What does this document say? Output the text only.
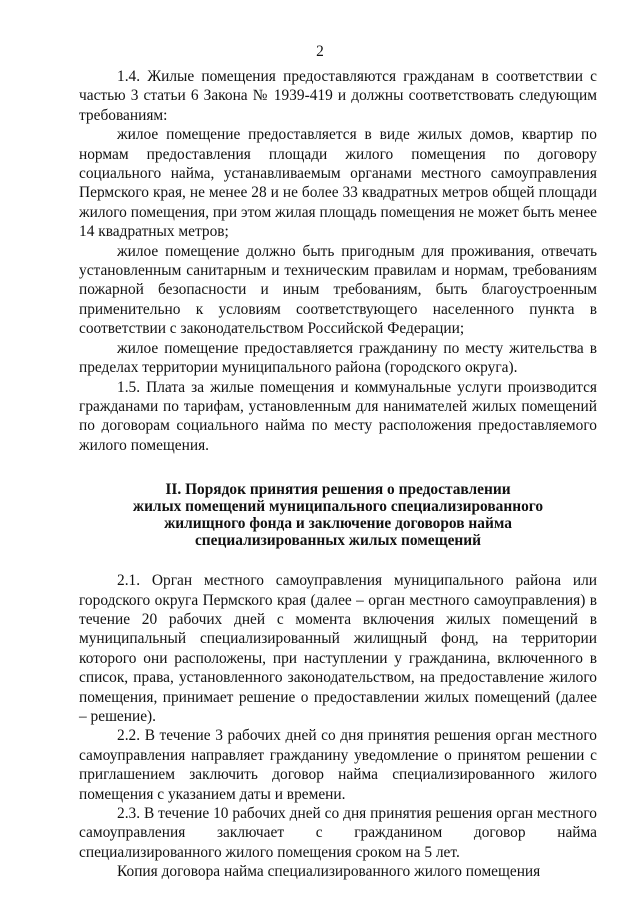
2

1.4. Жилые помещения предоставляются гражданам в соответствии с частью 3 статьи 6 Закона № 1939-419 и должны соответствовать следующим требованиям:

жилое помещение предоставляется в виде жилых домов, квартир по нормам предоставления площади жилого помещения по договору социального найма, устанавливаемым органами местного самоуправления Пермского края, не менее 28 и не более 33 квадратных метров общей площади жилого помещения, при этом жилая площадь помещения не может быть менее 14 квадратных метров;

жилое помещение должно быть пригодным для проживания, отвечать установленным санитарным и техническим правилам и нормам, требованиям пожарной безопасности и иным требованиям, быть благоустроенным применительно к условиям соответствующего населенного пункта в соответствии с законодательством Российской Федерации;

жилое помещение предоставляется гражданину по месту жительства в пределах территории муниципального района (городского округа).

1.5. Плата за жилые помещения и коммунальные услуги производится гражданами по тарифам, установленным для нанимателей жилых помещений по договорам социального найма по месту расположения предоставляемого жилого помещения.

II. Порядок принятия решения о предоставлении
жилых помещений муниципального специализированного
жилищного фонда и заключение договоров найма
специализированных жилых помещений

2.1. Орган местного самоуправления муниципального района или городского округа Пермского края (далее – орган местного самоуправления) в течение 20 рабочих дней с момента включения жилых помещений в муниципальный специализированный жилищный фонд, на территории которого они расположены, при наступлении у гражданина, включенного в список, права, установленного законодательством, на предоставление жилого помещения, принимает решение о предоставлении жилых помещений (далее – решение).

2.2. В течение 3 рабочих дней со дня принятия решения орган местного самоуправления направляет гражданину уведомление о принятом решении с приглашением заключить договор найма специализированного жилого помещения с указанием даты и времени.

2.3. В течение 10 рабочих дней со дня принятия решения орган местного самоуправления заключает с гражданином договор найма специализированного жилого помещения сроком на 5 лет.

Копия договора найма специализированного жилого помещения
